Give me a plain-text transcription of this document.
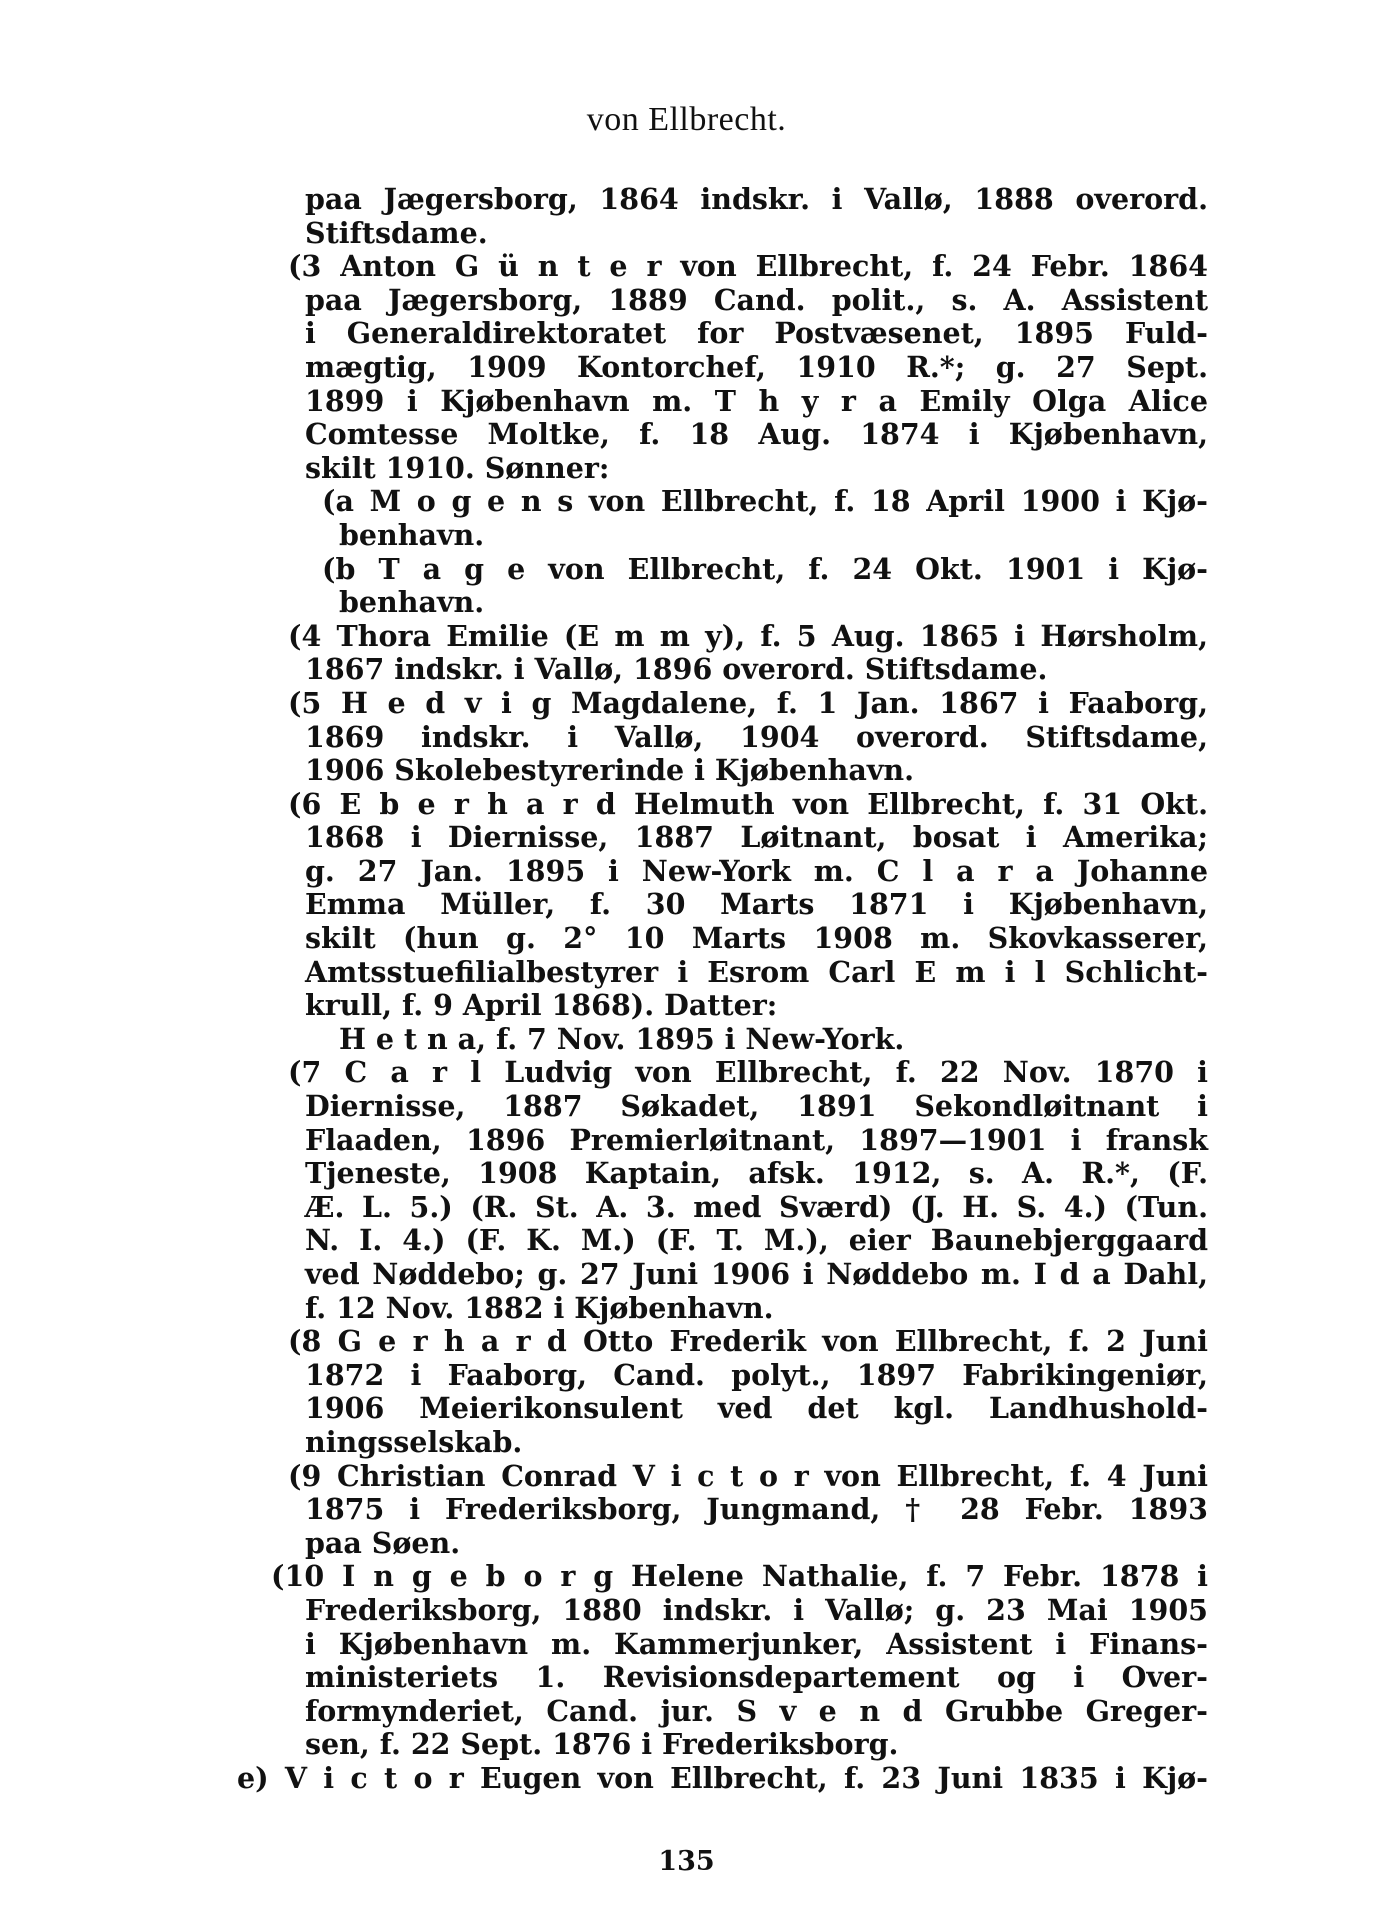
von Ellbrecht.
paa Jægersborg, 1864 indskr. i Vallø, 1888 overord.
Stiftsdame.
(3 Anton G ü n t e r von Ellbrecht, f. 24 Febr. 1864
paa Jægersborg, 1889 Cand. polit., s. A. Assistent
i Generaldirektoratet for Postvæsenet, 1895 Fuld-
mægtig, 1909 Kontorchef, 1910 R.*; g. 27 Sept.
1899 i Kjøbenhavn m. T h y r a Emily Olga Alice
Comtesse Moltke, f. 18 Aug. 1874 i Kjøbenhavn,
skilt 1910. Sønner:
(a M o g e n s von Ellbrecht, f. 18 April 1900 i Kjø-
benhavn.
(b T a g e von Ellbrecht, f. 24 Okt. 1901 i Kjø-
benhavn.
(4 Thora Emilie (E m m y), f. 5 Aug. 1865 i Hørsholm,
1867 indskr. i Vallø, 1896 overord. Stiftsdame.
(5 H e d v i g Magdalene, f. 1 Jan. 1867 i Faaborg,
1869 indskr. i Vallø, 1904 overord. Stiftsdame,
1906 Skolebestyrerinde i Kjøbenhavn.
(6 E b e r h a r d Helmuth von Ellbrecht, f. 31 Okt.
1868 i Diernisse, 1887 Løitnant, bosat i Amerika;
g. 27 Jan. 1895 i New-York m. C l a r a Johanne
Emma Müller, f. 30 Marts 1871 i Kjøbenhavn,
skilt (hun g. 2° 10 Marts 1908 m. Skovkasserer,
Amtsstuefilialbestyrer i Esrom Carl E m i l Schlicht-
krull, f. 9 April 1868). Datter:
H e t n a, f. 7 Nov. 1895 i New-York.
(7 C a r l Ludvig von Ellbrecht, f. 22 Nov. 1870 i
Diernisse, 1887 Søkadet, 1891 Sekondløitnant i
Flaaden, 1896 Premierløitnant, 1897—1901 i fransk
Tjeneste, 1908 Kaptain, afsk. 1912, s. A. R.*, (F.
Æ. L. 5.) (R. St. A. 3. med Sværd) (J. H. S. 4.) (Tun.
N. I. 4.) (F. K. M.) (F. T. M.), eier Baunebjerggaard
ved Nøddebo; g. 27 Juni 1906 i Nøddebo m. I d a Dahl,
f. 12 Nov. 1882 i Kjøbenhavn.
(8 G e r h a r d Otto Frederik von Ellbrecht, f. 2 Juni
1872 i Faaborg, Cand. polyt., 1897 Fabrikingeniør,
1906 Meierikonsulent ved det kgl. Landhushold-
ningsselskab.
(9 Christian Conrad V i c t o r von Ellbrecht, f. 4 Juni
1875 i Frederiksborg, Jungmand, † 28 Febr. 1893
paa Søen.
(10 I n g e b o r g Helene Nathalie, f. 7 Febr. 1878 i
Frederiksborg, 1880 indskr. i Vallø; g. 23 Mai 1905
i Kjøbenhavn m. Kammerjunker, Assistent i Finans-
ministeriets 1. Revisionsdepartement og i Over-
formynderiet, Cand. jur. S v e n d Grubbe Greger-
sen, f. 22 Sept. 1876 i Frederiksborg.
e) V i c t o r Eugen von Ellbrecht, f. 23 Juni 1835 i Kjø-
135
